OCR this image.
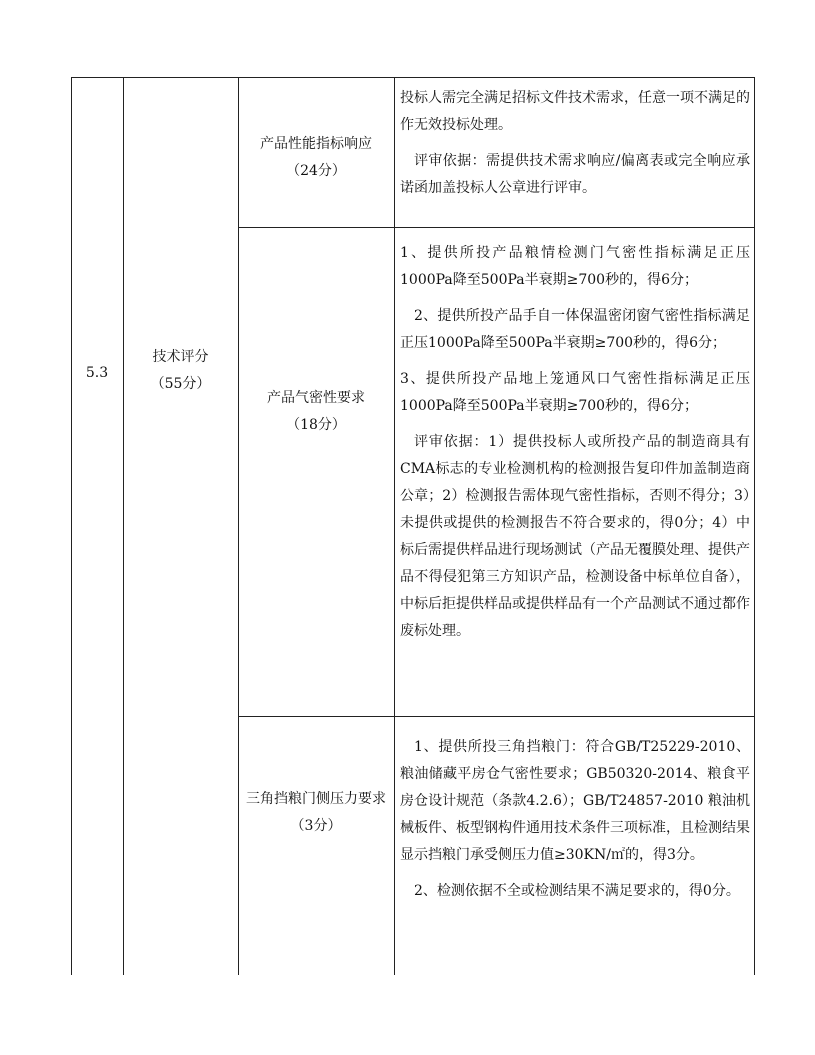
5.3
技术评分
（55分）
产品性能指标响应
（24分）

投标人需完全满足招标文件技术需求，任意一项不满足的作无效投标处理。

评审依据：需提供技术需求响应/偏离表或完全响应承诺函加盖投标人公章进行评审。

产品气密性要求
（18分）

1、提供所投产品粮情检测门气密性指标满足正压1000Pa降至500Pa半衰期≥700秒的，得6分；

2、提供所投产品手自一体保温密闭窗气密性指标满足正压1000Pa降至500Pa半衰期≥700秒的，得6分；

3、提供所投产品地上笼通风口气密性指标满足正压1000Pa降至500Pa半衰期≥700秒的，得6分；

评审依据：1）提供投标人或所投产品的制造商具有CMA标志的专业检测机构的检测报告复印件加盖制造商公章；2）检测报告需体现气密性指标，否则不得分；3）未提供或提供的检测报告不符合要求的，得0分；4）中标后需提供样品进行现场测试（产品无覆膜处理、提供产品不得侵犯第三方知识产品，检测设备中标单位自备），中标后拒提供样品或提供样品有一个产品测试不通过都作废标处理。

三角挡粮门侧压力要求
（3分）

1、提供所投三角挡粮门：符合GB/T25229-2010、粮油储藏平房仓气密性要求；GB50320-2014、粮食平房仓设计规范（条款4.2.6）；GB/T24857-2010 粮油机械板件、板型钢构件通用技术条件三项标准，且检测结果显示挡粮门承受侧压力值≥30KN/㎡的，得3分。

2、检测依据不全或检测结果不满足要求的，得0分。
